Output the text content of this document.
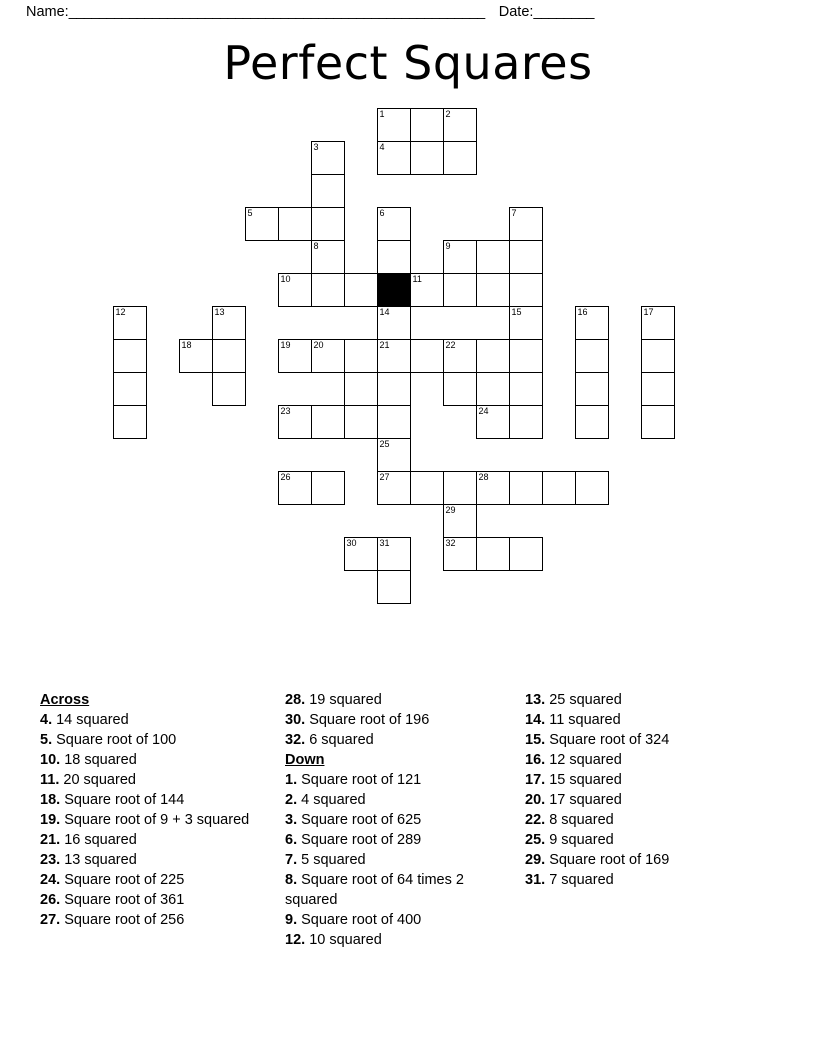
Name: _______________________________________________________ Date: ________
Perfect Squares
1	2
3	4
5	6	7
8	9
10	11
12	13	14	15	16	17
18	19	20	21	22
23	24
25
26	27	28
29
30	31	32
Across
4. 14 squared
5. Square root of 100
10. 18 squared
11. 20 squared
18. Square root of 144
19. Square root of 9 + 3 squared
21. 16 squared
23. 13 squared
24. Square root of 225
26. Square root of 361
27. Square root of 256
28. 19 squared
30. Square root of 196
32. 6 squared
Down
1. Square root of 121
2. 4 squared
3. Square root of 625
6. Square root of 289
7. 5 squared
8. Square root of 64 times 2 squared
9. Square root of 400
12. 10 squared
13. 25 squared
14. 11 squared
15. Square root of 324
16. 12 squared
17. 15 squared
20. 17 squared
22. 8 squared
25. 9 squared
29. Square root of 169
31. 7 squared
